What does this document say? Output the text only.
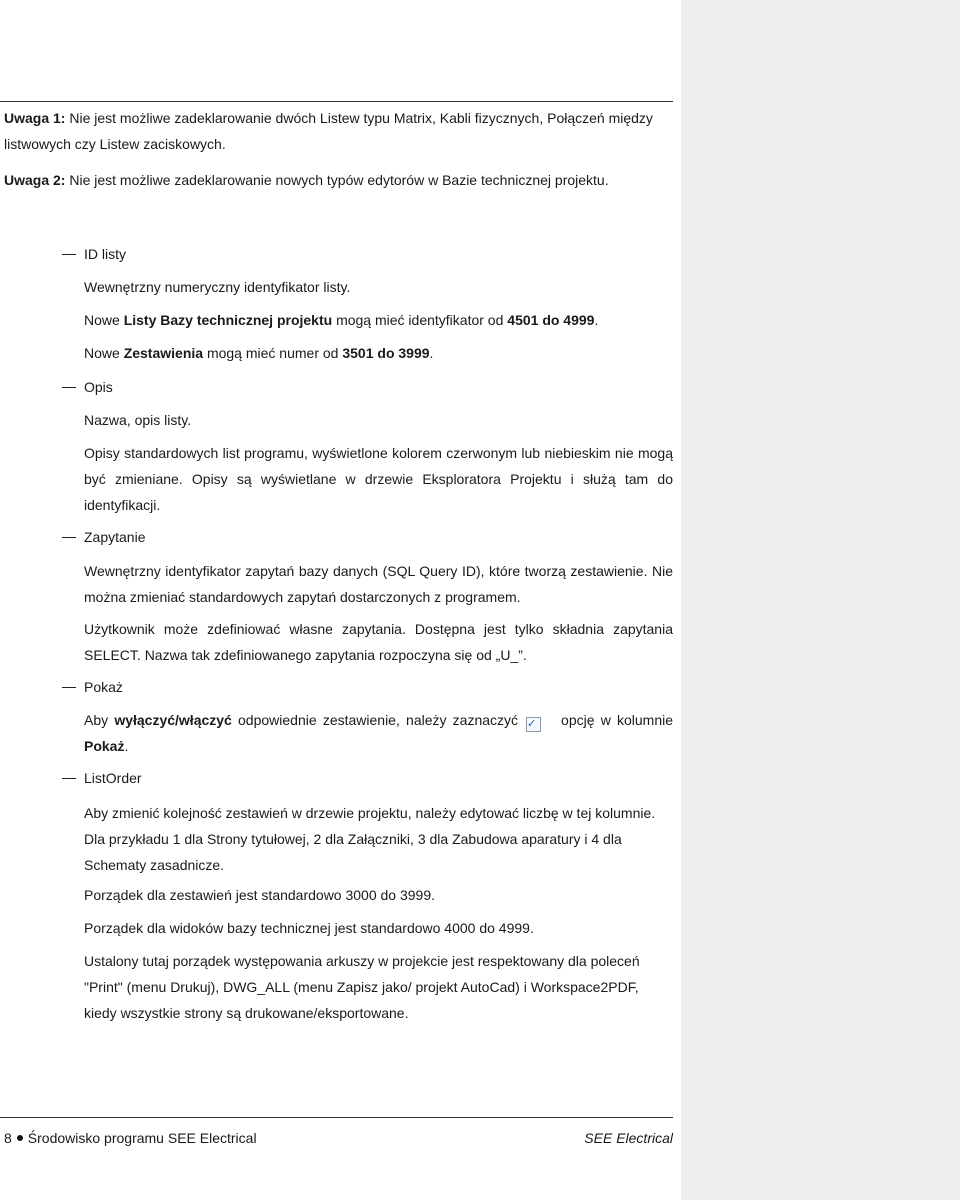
Uwaga 1: Nie jest możliwe zadeklarowanie dwóch Listew typu Matrix, Kabli fizycznych, Połączeń między listwowych czy Listew zaciskowych.

Uwaga 2: Nie jest możliwe zadeklarowanie nowych typów edytorów w Bazie technicznej projektu.

ID listy

Wewnętrzny numeryczny identyfikator listy.

Nowe Listy Bazy technicznej projektu mogą mieć identyfikator od 4501 do 4999.

Nowe Zestawienia mogą mieć numer od 3501 do 3999.

Opis

Nazwa, opis listy.

Opisy standardowych list programu, wyświetlone kolorem czerwonym lub niebieskim nie mogą być zmieniane. Opisy są wyświetlane w drzewie Eksploratora Projektu i służą tam do identyfikacji.

Zapytanie

Wewnętrzny identyfikator zapytań bazy danych (SQL Query ID), które tworzą zestawienie. Nie można zmieniać standardowych zapytań dostarczonych z programem.

Użytkownik może zdefiniować własne zapytania. Dostępna jest tylko składnia zapytania SELECT. Nazwa tak zdefiniowanego zapytania rozpoczyna się od „U_”.

Pokaż

Aby wyłączyć/włączyć odpowiednie zestawienie, należy zaznaczyć ✓ opcję w kolumnie Pokaż.

ListOrder

Aby zmienić kolejność zestawień w drzewie projektu, należy edytować liczbę w tej kolumnie. Dla przykładu 1 dla Strony tytułowej, 2 dla Załączniki, 3 dla Zabudowa aparatury i 4 dla Schematy zasadnicze.

Porządek dla zestawień jest standardowo 3000 do 3999.

Porządek dla widoków bazy technicznej jest standardowo 4000 do 4999.

Ustalony tutaj porządek występowania arkuszy w projekcie jest respektowany dla poleceń "Print" (menu Drukuj), DWG_ALL (menu Zapisz jako/ projekt AutoCad) i Workspace2PDF, kiedy wszystkie strony są drukowane/eksportowane.

8 Środowisko programu SEE Electrical	SEE Electrical
